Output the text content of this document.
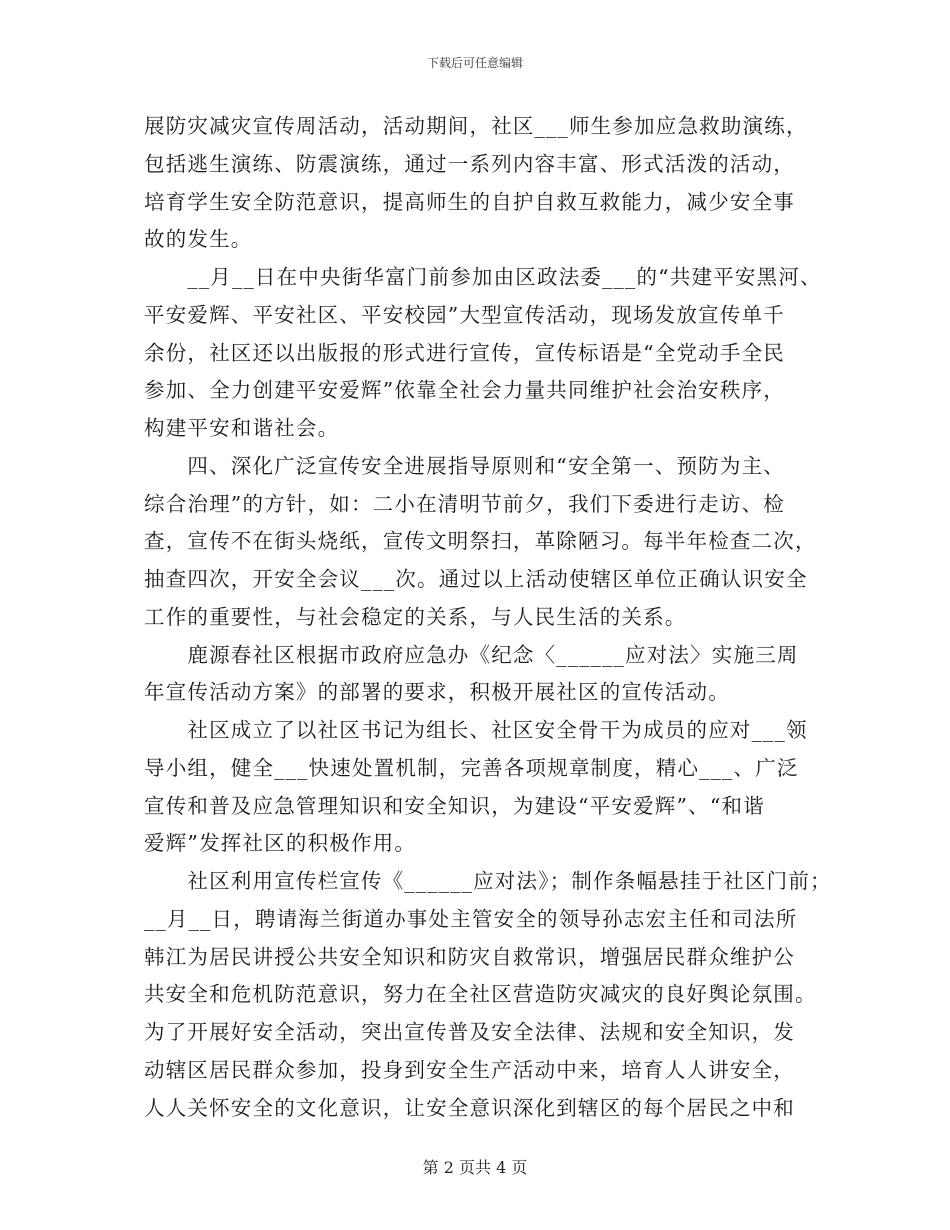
下载后可任意编辑
展防灾减灾宣传周活动，活动期间，社区___师生参加应急救助演练，
包括逃生演练、防震演练，通过一系列内容丰富、形式活泼的活动，
培育学生安全防范意识，提高师生的自护自救互救能力，减少安全事
故的发生。
　　__月__日在中央街华富门前参加由区政法委___的“共建平安黑河、
平安爱辉、平安社区、平安校园”大型宣传活动，现场发放宣传单千
余份，社区还以出版报的形式进行宣传，宣传标语是“全党动手全民
参加、全力创建平安爱辉”依靠全社会力量共同维护社会治安秩序，
构建平安和谐社会。
　　四、深化广泛宣传安全进展指导原则和“安全第一、预防为主、
综合治理”的方针，如：二小在清明节前夕，我们下委进行走访、检
查，宣传不在街头烧纸，宣传文明祭扫，革除陋习。每半年检查二次，
抽查四次，开安全会议___次。通过以上活动使辖区单位正确认识安全
工作的重要性，与社会稳定的关系，与人民生活的关系。
　　鹿源春社区根据市政府应急办《纪念〈______应对法〉实施三周
年宣传活动方案》的部署的要求，积极开展社区的宣传活动。
　　社区成立了以社区书记为组长、社区安全骨干为成员的应对___领
导小组，健全___快速处置机制，完善各项规章制度，精心___、广泛
宣传和普及应急管理知识和安全知识，为建设“平安爱辉”、“和谐
爱辉”发挥社区的积极作用。
　　社区利用宣传栏宣传《______应对法》；制作条幅悬挂于社区门前；
__月__日，聘请海兰街道办事处主管安全的领导孙志宏主任和司法所
韩江为居民讲授公共安全知识和防灾自救常识，增强居民群众维护公
共安全和危机防范意识，努力在全社区营造防灾减灾的良好舆论氛围。
为了开展好安全活动，突出宣传普及安全法律、法规和安全知识，发
动辖区居民群众参加，投身到安全生产活动中来，培育人人讲安全，
人人关怀安全的文化意识，让安全意识深化到辖区的每个居民之中和
第 2 页共 4 页
